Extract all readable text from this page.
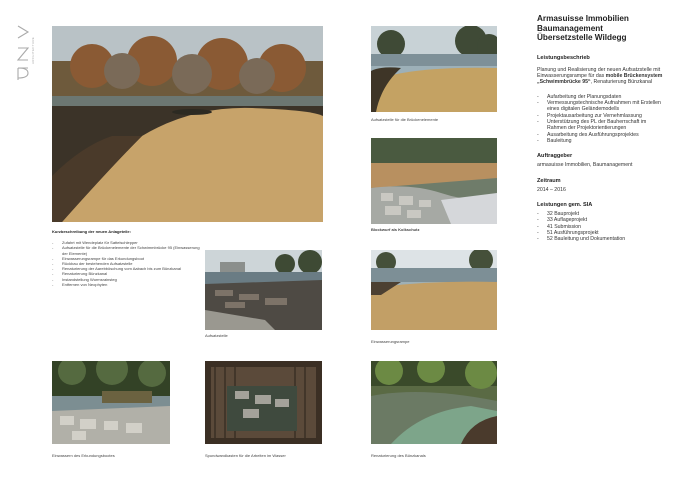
ARCHITECTURE
Aufsatzstelle für die Brückenelemente
Blockwurf als Kolkschutz
Aufsatzstelle
Einwasserungsrampe
Einwassern des Erkundungsbootes	Spundwandkasten für die Arbeiten im Wasser	Renaturierung des Bünzkanals
Kurzbeschreibung der neuen Anlageteile:
- Zufahrt mit Wendeplatz für Sattelschlepper
- Aufsatzstelle für die Brückenelemente der Schwimmbrücke 95 (Einwasserung der Elemente)
- Einwasserungsrampe für das Erkundungsboot
- Rückbau der bestehenden Aufsatzstelle
- Renaturierung der Aarebböschung vom Aabach bis zum Bünzkanal
- Renaturierung Bünzkanal
- Instandstellung Wurmsrainsteg
- Entfernen von Neophyten
Armasuisse Immobilien
Baumanagement
Übersetzstelle Wildegg
Leistungsbeschrieb
Planung und Realisierung der neuen Aufsatzstelle mit Einwasserungsrampe für das mobile Brückensystem „Schwimmbrücke 95“, Renaturierung Bünzkanal
- Aufarbeitung der Planungsdaten
- Vermessungstechnische Aufnahmen mit Erstellen eines digitalen Geländemodells
- Projektausarbeitung zur Vernehmlassung
- Unterstützung des PL der Bauherrschaft im Rahmen der Projektorientierungen
- Ausarbeitung des Ausführungsprojektes
- Bauleitung
Auftraggeber
armasuisse Immobilien, Baumanagement
Zeitraum
2014 – 2016
Leistungen gem. SIA
- 32 Bauprojekt
- 33 Auflageprojekt
- 41 Submission
- 51 Ausführungsprojekt
- 52 Bauleitung und Dokumentation
